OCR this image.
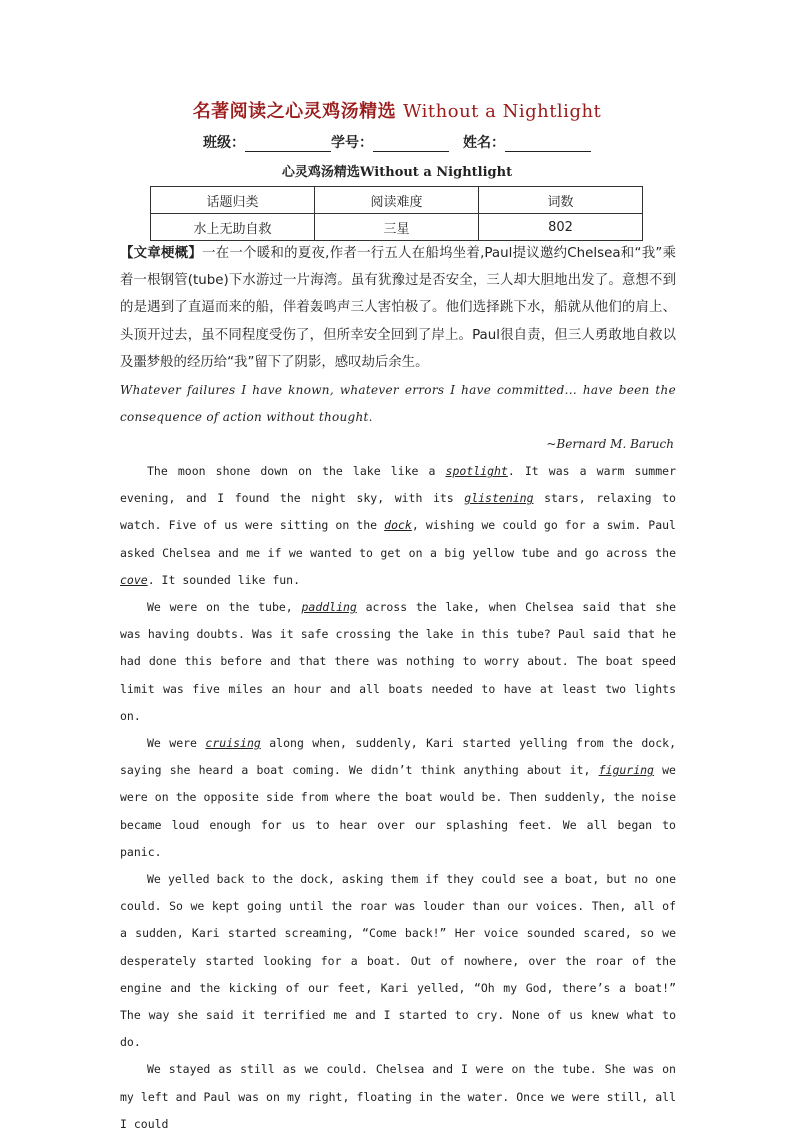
名著阅读之心灵鸡汤精选 Without a Nightlight
班级：	学号：	姓名：
心灵鸡汤精选Without a Nightlight
话题归类	阅读难度	词数
水上无助自救	三星	802
【文章梗概】一在一个暖和的夏夜,作者一行五人在船坞坐着,Paul提议邀约Chelsea和“我”乘着一根钢管(tube)下水游过一片海湾。虽有犹豫过是否安全，三人却大胆地出发了。意想不到的是遇到了直逼而来的船，伴着轰鸣声三人害怕极了。他们选择跳下水，船就从他们的肩上、头顶开过去，虽不同程度受伤了，但所幸安全回到了岸上。Paul很自责，但三人勇敢地自救以及噩梦般的经历给“我”留下了阴影，感叹劫后余生。
Whatever failures I have known, whatever errors I have committed... have been the consequence of action without thought.
~Bernard M. Baruch

The moon shone down on the lake like a spotlight. It was a warm summer evening, and I found the night sky, with its glistening stars, relaxing to watch. Five of us were sitting on the dock, wishing we could go for a swim. Paul asked Chelsea and me if we wanted to get on a big yellow tube and go across the cove. It sounded like fun.

We were on the tube, paddling across the lake, when Chelsea said that she was having doubts. Was it safe crossing the lake in this tube? Paul said that he had done this before and that there was nothing to worry about. The boat speed limit was five miles an hour and all boats needed to have at least two lights on.

We were cruising along when, suddenly, Kari started yelling from the dock, saying she heard a boat coming. We didn’t think anything about it, figuring we were on the opposite side from where the boat would be. Then suddenly, the noise became loud enough for us to hear over our splashing feet. We all began to panic.

We yelled back to the dock, asking them if they could see a boat, but no one could. So we kept going until the roar was louder than our voices. Then, all of a sudden, Kari started screaming, “Come back!” Her voice sounded scared, so we desperately started looking for a boat. Out of nowhere, over the roar of the engine and the kicking of our feet, Kari yelled, “Oh my God, there’s a boat!” The way she said it terrified me and I started to cry. None of us knew what to do.

We stayed as still as we could. Chelsea and I were on the tube. She was on my left and Paul was on my right, floating in the water. Once we were still, all I could
